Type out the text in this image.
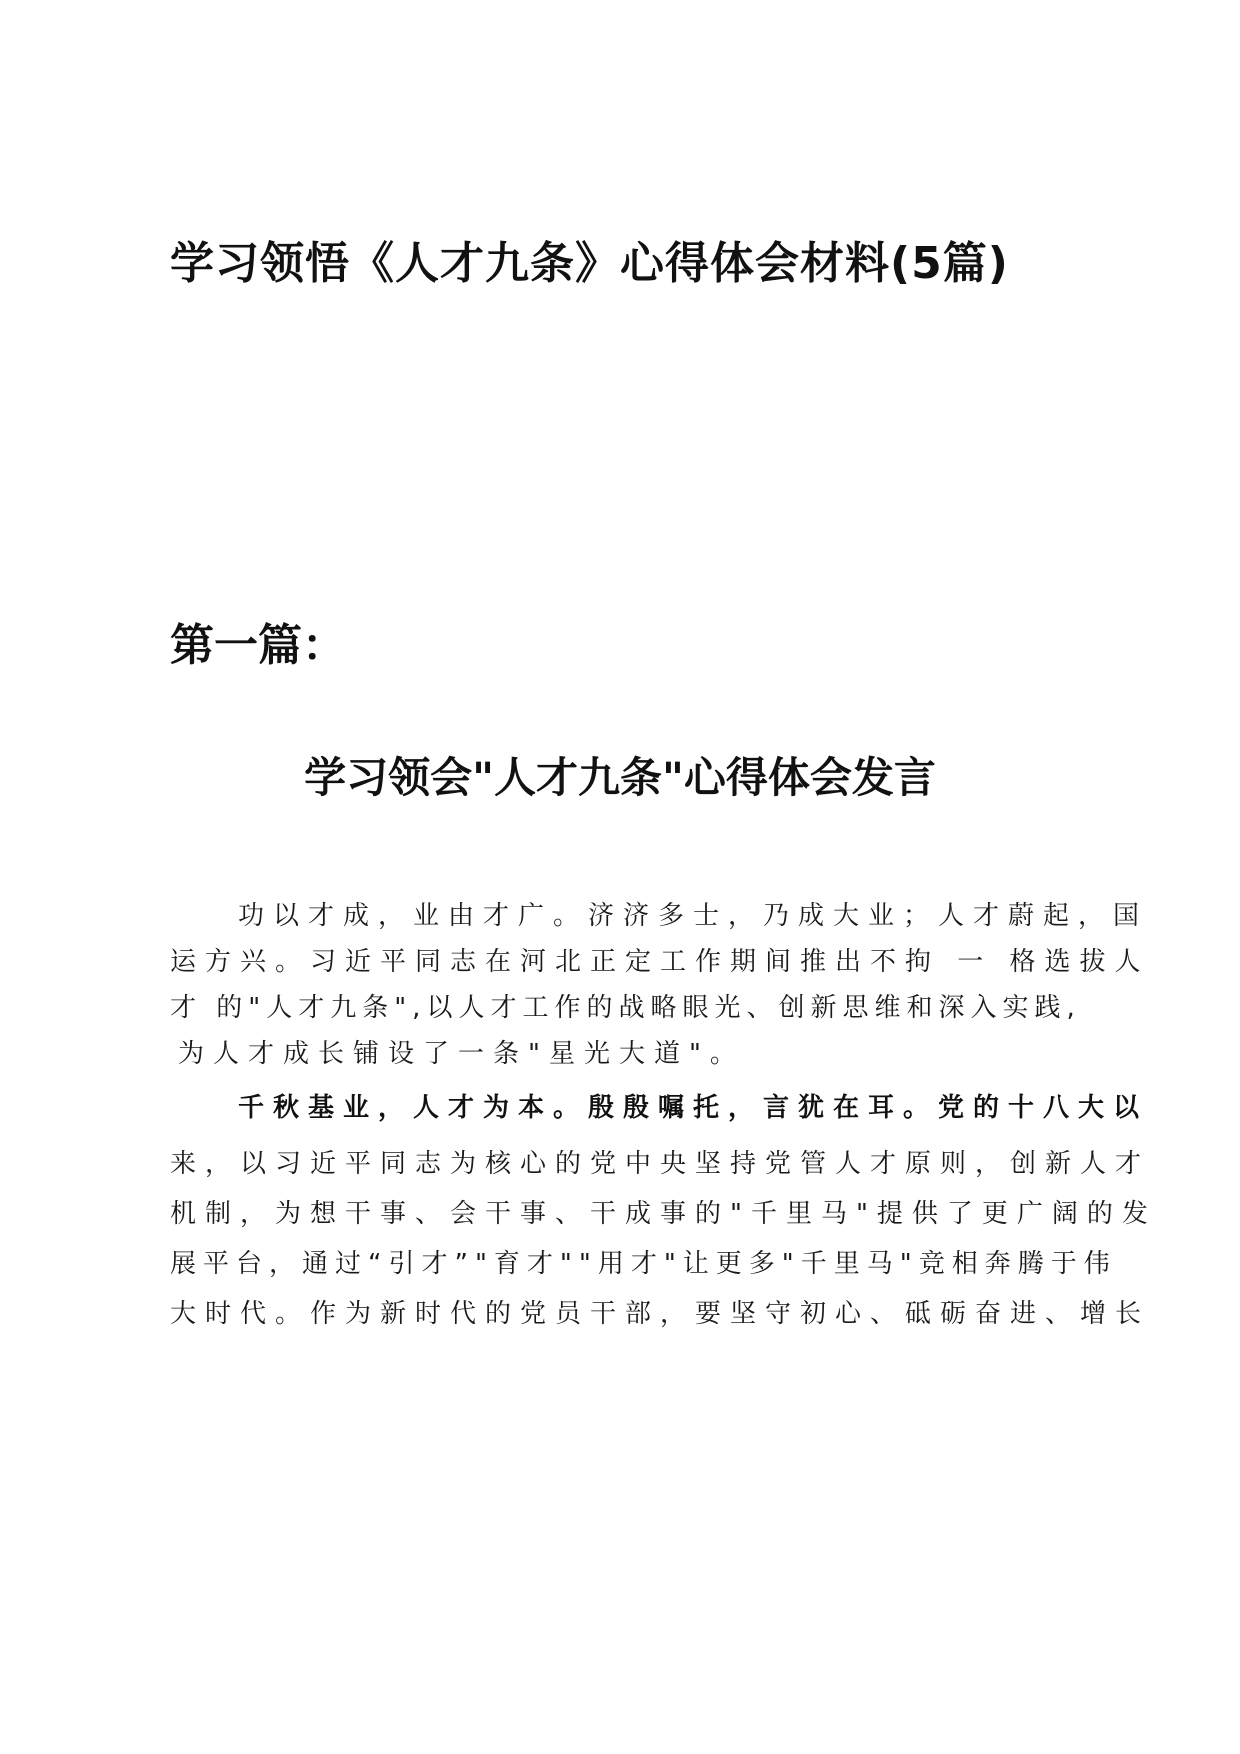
学习领悟《人才九条》心得体会材料(5篇)
第一篇：
学习领会"人才九条"心得体会发言
功以才成，业由才广。济济多士，乃成大业；人才蔚起，国
运方兴。习近平同志在河北正定工作期间推出不拘 一 格选拔人
才 的"人才九条",以人才工作的战略眼光、创新思维和深入实践,
为人才成长铺设了一条"星光大道"。
千秋基业，人才为本。殷殷嘱托，言犹在耳。党的十八大以
来，以习近平同志为核心的党中央坚持党管人才原则，创新人才
机制，为想干事、会干事、干成事的"千里马"提供了更广阔的发
展平台，通过“引才”"育才""用才"让更多"千里马"竞相奔腾于伟
大时代。作为新时代的党员干部，要坚守初心、砥砺奋进、增长
